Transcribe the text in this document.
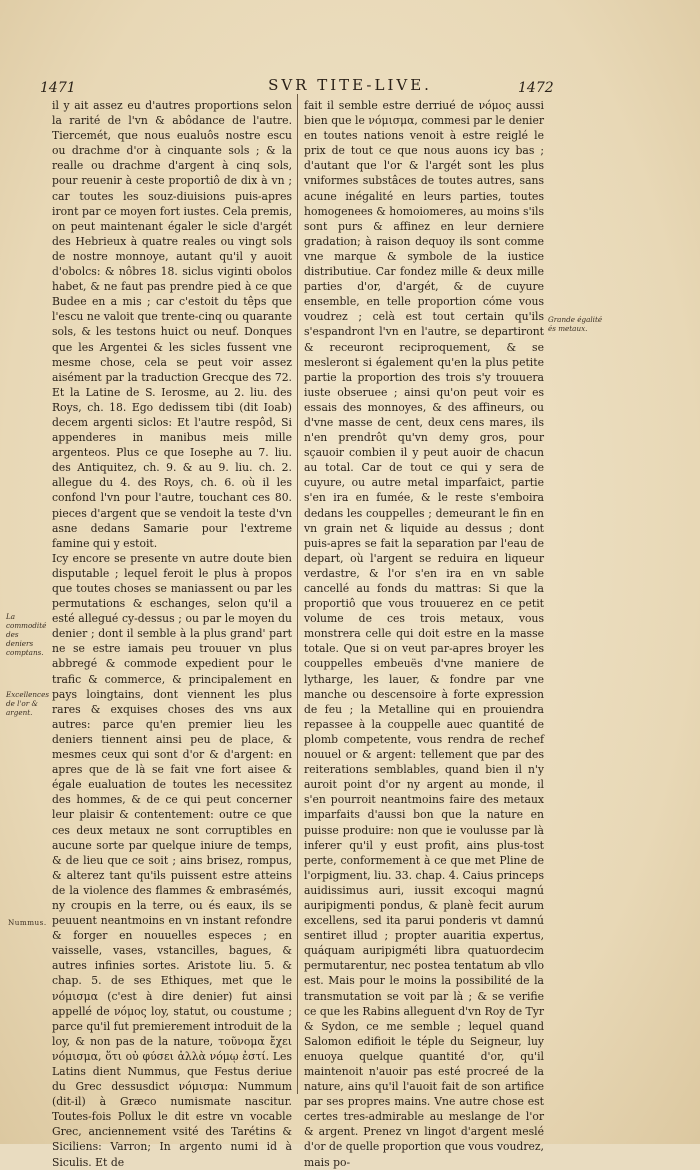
1471	SVR TITE-LIVE.	1472

il y ait assez eu d'autres proportions selon la rarité de l'vn & abôdance de l'autre. Tiercemét, que nous eualuôs nostre escu ou drachme d'or à cinquante sols ; & la realle ou drachme d'argent à cinq sols, pour reuenir à ceste proportiô de dix à vn ; car toutes les souz-diuisions puis-apres iront par ce moyen fort iustes. Cela premis, on peut maintenant égaler le sicle d'argét des Hebrieux à quatre reales ou vingt sols de nostre monnoye, autant qu'il y auoit d'obolcs: & nôbres 18. siclus viginti obolos habet, & ne faut pas prendre pied à ce que Budee en a mis ; car c'estoit du têps que l'escu ne valoit que trente-cinq ou quarante sols, & les testons huict ou neuf. Donques que les Argentei & les sicles fussent vne mesme chose, cela se peut voir assez aisément par la traduction Grecque des 72. Et la Latine de S. Ierosme, au 2. liu. des Roys, ch. 18. Ego dedissem tibi (dit Ioab) decem argenti siclos: Et l'autre respôd, Si appenderes in manibus meis mille argenteos. Plus ce que Iosephe au 7. liu. des Antiquitez, ch. 9. & au 9. liu. ch. 2. allegue du 4. des Roys, ch. 6. où il les confond l'vn pour l'autre, touchant ces 80. pieces d'argent que se vendoit la teste d'vn asne dedans Samarie pour l'extreme famine qui y estoit.

Icy encore se presente vn autre doute bien disputable ; lequel feroit le plus à propos que toutes choses se maniassent ou par les permutations & eschanges, selon qu'il a esté allegué cy-dessus ; ou par le moyen du denier ; dont il semble à la plus grand' part ne se estre iamais peu trouuer vn plus abbregé & commode expedient pour le trafic & commerce, & principalement en pays loingtains, dont viennent les plus rares & exquises choses des vns aux autres: parce qu'en premier lieu les deniers tiennent ainsi peu de place, & mesmes ceux qui sont d'or & d'argent: en apres que de là se fait vne fort aisee & égale eualuation de toutes les necessitez des hommes, & de ce qui peut concerner leur plaisir & contentement: outre ce que ces deux metaux ne sont corruptibles en aucune sorte par quelque iniure de temps, & de lieu que ce soit ; ains brisez, rompus, & alterez tant qu'ils puissent estre atteins de la violence des flammes & embrasémés, ny croupis en la terre, ou és eaux, ils se peuuent neantmoins en vn instant refondre & forger en nouuelles especes ; en vaisselle, vases, vstancilles, bagues, & autres infinies sortes. Aristote liu. 5. & chap. 5. de ses Ethiques, met que le νόμισμα (c'est à dire denier) fut ainsi appellé de νόμος loy, statut, ou coustume ; parce qu'il fut premierement introduit de la loy, & non pas de la nature, τοῦνομα ἔχει νόμισμα, ὅτι οὐ φύσει ἀλλὰ νόμῳ ἐστί. Les Latins dient Nummus, que Festus deriue du Grec dessusdict νόμισμα: Nummum (dit-il) à Græco numismate nascitur. Toutes-fois Pollux le dit estre vn vocable Grec, anciennement vsité des Tarétins & Siciliens: Varron; In argento numi id à Siculis. Et de

fait il semble estre derriué de νόμος aussi bien que le νόμισμα, commesi par le denier en toutes nations venoit à estre reiglé le prix de tout ce que nous auons icy bas ; d'autant que l'or & l'argét sont les plus vniformes substâces de toutes autres, sans acune inégalité en leurs parties, toutes homogenees & homoiomeres, au moins s'ils sont purs & affinez en leur derniere gradation; à raison dequoy ils sont comme vne marque & symbole de la iustice distributiue. Car fondez mille & deux mille parties d'or, d'argét, & de cuyure ensemble, en telle proportion cóme vous voudrez ; celà est tout certain qu'ils s'espandront l'vn en l'autre, se departiront & receuront reciproquement, & se mesleront si également qu'en la plus petite partie la proportion des trois s'y trouuera iuste obseruee ; ainsi qu'on peut voir es essais des monnoyes, & des affineurs, ou d'vne masse de cent, deux cens mares, ils n'en prendrôt qu'vn demy gros, pour sçauoir combien il y peut auoir de chacun au total. Car de tout ce qui y sera de cuyure, ou autre metal imparfaict, partie s'en ira en fumée, & le reste s'emboira dedans les couppelles ; demeurant le fin en vn grain net & liquide au dessus ; dont puis-apres se fait la separation par l'eau de depart, où l'argent se reduira en liqueur verdastre, & l'or s'en ira en vn sable cancellé au fonds du mattras: Si que la proportiô que vous trouuerez en ce petit volume de ces trois metaux, vous monstrera celle qui doit estre en la masse totale. Que si on veut par-apres broyer les couppelles embeuës d'vne maniere de lytharge, les lauer, & fondre par vne manche ou descensoire à forte expression de feu ; la Metalline qui en prouiendra repassee à la couppelle auec quantité de plomb competente, vous rendra de rechef nouuel or & argent: tellement que par des reiterations semblables, quand bien il n'y auroit point d'or ny argent au monde, il s'en pourroit neantmoins faire des metaux imparfaits d'aussi bon que la nature en puisse produire: non que ie voulusse par là inferer qu'il y eust profit, ains plus-tost perte, conformement à ce que met Pline de l'orpigment, liu. 33. chap. 4. Caius princeps auidissimus auri, iussit excoqui magnú auripigmenti pondus, & planè fecit aurum excellens, sed ita parui ponderis vt damnú sentiret illud ; propter auaritia expertus, quáquam auripigméti libra quatuordecim permutarentur, nec postea tentatum ab vllo est. Mais pour le moins la possibilité de la transmutation se voit par là ; & se verifie ce que les Rabins alleguent d'vn Roy de Tyr & Sydon, ce me semble ; lequel quand Salomon edifioit le téple du Seigneur, luy enuoya quelque quantité d'or, qu'il maintenoit n'auoir pas esté procreé de la nature, ains qu'il l'auoit fait de son artifice par ses propres mains. Vne autre chose est certes tres-admirable au meslange de l'or & argent. Prenez vn lingot d'argent meslé d'or de quelle proportion que vous voudrez, mais po-

La commodité des deniers comptans.
Excellences de l'or & argent.
Nummus.
Grande égalité és metaux.
